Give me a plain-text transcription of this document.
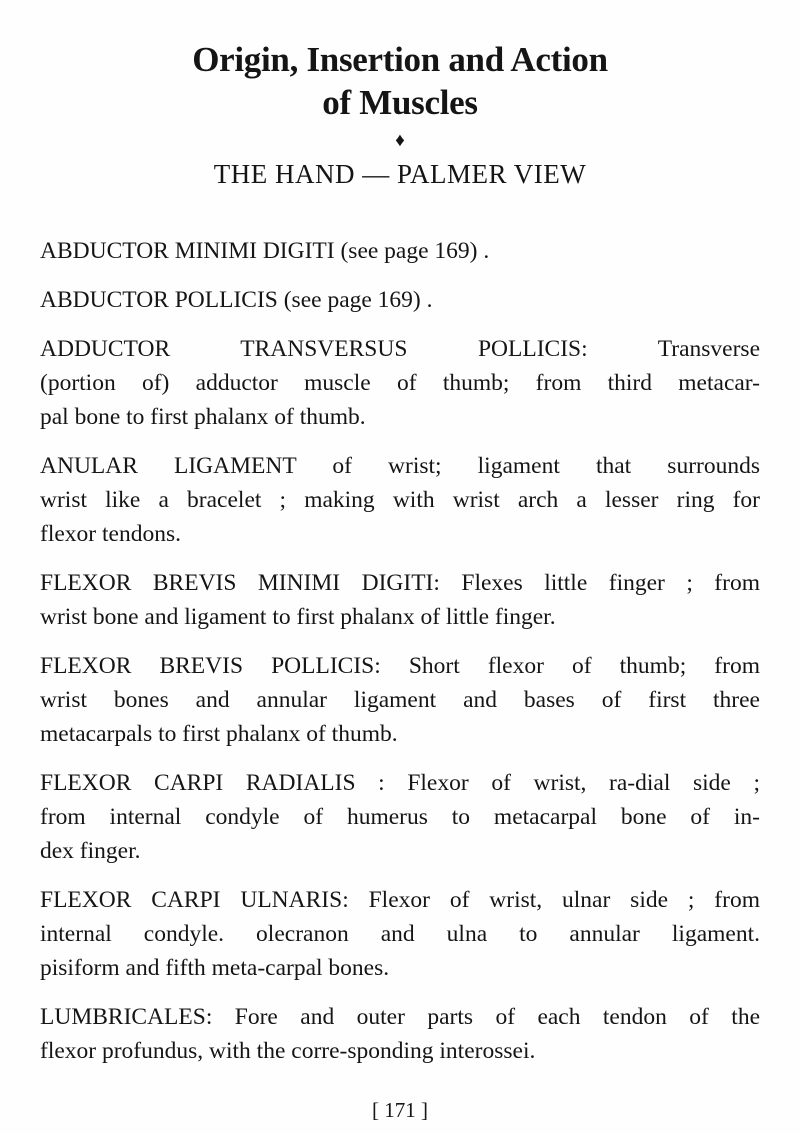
Origin, Insertion and Action
of Muscles
♦
THE HAND — PALMER VIEW
ABDUCTOR MINIMI DIGITI (see page 169) .
ABDUCTOR POLLICIS (see page 169) .
ADDUCTOR TRANSVERSUS POLLICIS: Transverse
(portion of) adductor muscle of thumb; from third metacar-
pal bone to first phalanx of thumb.
ANULAR LIGAMENT of wrist; ligament that surrounds
wrist like a bracelet ; making with wrist arch a lesser ring for
flexor tendons.
FLEXOR BREVIS MINIMI DIGITI: Flexes little finger ; from
wrist bone and ligament to first phalanx of little finger.
FLEXOR BREVIS POLLICIS: Short flexor of thumb; from
wrist bones and annular ligament and bases of first three
metacarpals to first phalanx of thumb.
FLEXOR CARPI RADIALIS : Flexor of wrist, ra-dial side ;
from internal condyle of humerus to metacarpal bone of in-
dex finger.
FLEXOR CARPI ULNARIS: Flexor of wrist, ulnar side ; from
internal condyle. olecranon and ulna to annular ligament.
pisiform and fifth meta-carpal bones.
LUMBRICALES: Fore and outer parts of each tendon of the
flexor profundus, with the corre-sponding interossei.
[ 171 ]
